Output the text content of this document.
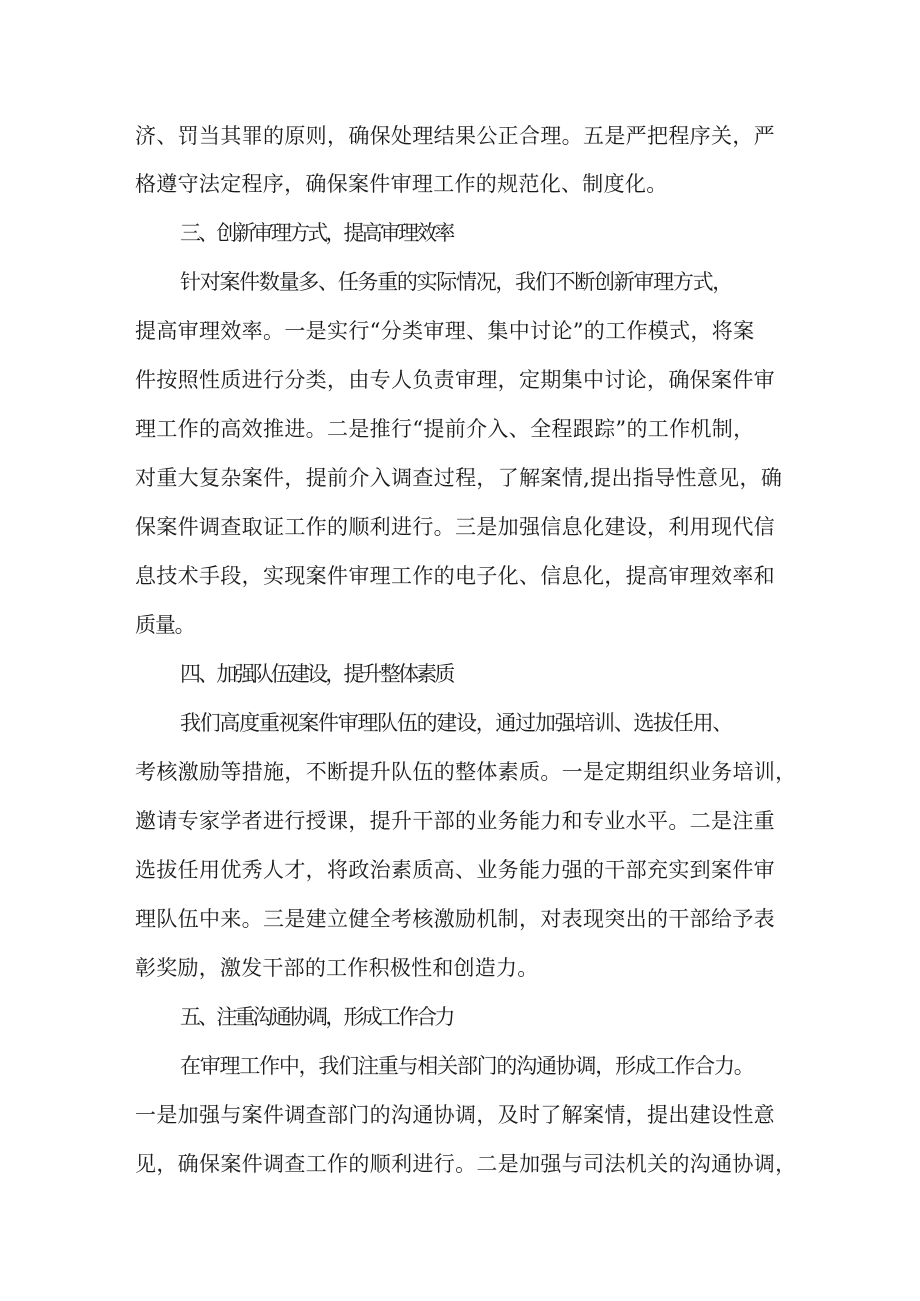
济、罚当其罪的原则，确保处理结果公正合理。五是严把程序关，严
格遵守法定程序，确保案件审理工作的规范化、制度化。
三、创新审理方式，提高审理效率
针对案件数量多、任务重的实际情况，我们不断创新审理方式，
提高审理效率。一是实行“分类审理、集中讨论”的工作模式，将案
件按照性质进行分类，由专人负责审理，定期集中讨论，确保案件审
理工作的高效推进。二是推行“提前介入、全程跟踪”的工作机制，
对重大复杂案件，提前介入调查过程，了解案情,提出指导性意见，确
保案件调查取证工作的顺利进行。三是加强信息化建设，利用现代信
息技术手段，实现案件审理工作的电子化、信息化，提高审理效率和
质量。
四、加强队伍建设，提升整体素质
我们高度重视案件审理队伍的建设，通过加强培训、选拔任用、
考核激励等措施，不断提升队伍的整体素质。一是定期组织业务培训，
邀请专家学者进行授课，提升干部的业务能力和专业水平。二是注重
选拔任用优秀人才，将政治素质高、业务能力强的干部充实到案件审
理队伍中来。三是建立健全考核激励机制，对表现突出的干部给予表
彰奖励，激发干部的工作积极性和创造力。
五、注重沟通协调，形成工作合力
在审理工作中，我们注重与相关部门的沟通协调，形成工作合力。
一是加强与案件调查部门的沟通协调，及时了解案情，提出建设性意
见，确保案件调查工作的顺利进行。二是加强与司法机关的沟通协调，
